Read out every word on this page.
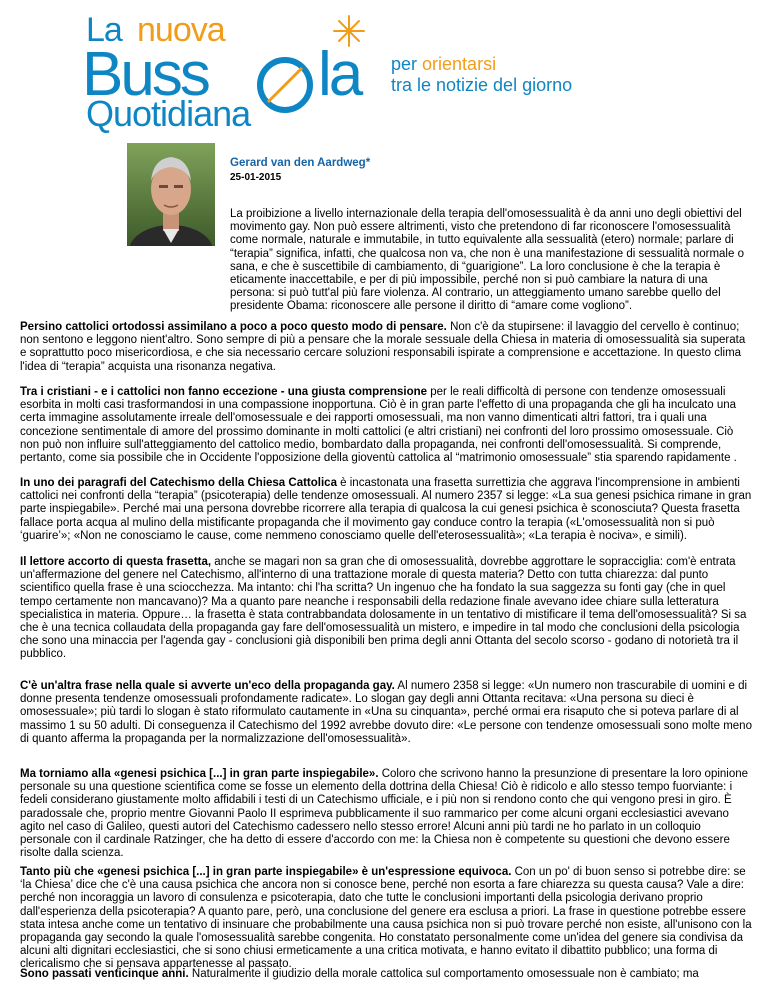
La nuova
Buss la
Quotidiana
per orientarsi
tra le notizie del giorno
Gerard van den Aardweg*
25-01-2015

La proibizione a livello internazionale della terapia dell'omosessualità è da anni uno degli obiettivi del movimento gay. Non può essere altrimenti, visto che pretendono di far riconoscere l'omosessualità come normale, naturale e immutabile, in tutto equivalente alla sessualità (etero) normale; parlare di “terapia” significa, infatti, che qualcosa non va, che non è una manifestazione di sessualità normale o sana, e che è suscettibile di cambiamento, di “guarigione”. La loro conclusione è che la terapia è eticamente inaccettabile, e per di più impossibile, perché non si può cambiare la natura di una persona: si può tutt'al più fare violenza. Al contrario, un atteggiamento umano sarebbe quello del presidente Obama: riconoscere alle persone il diritto di “amare come vogliono”.

Persino cattolici ortodossi assimilano a poco a poco questo modo di pensare. Non c'è da stupirsene: il lavaggio del cervello è continuo; non sentono e leggono nient'altro. Sono sempre di più a pensare che la morale sessuale della Chiesa in materia di omosessualità sia superata e soprattutto poco misericordiosa, e che sia necessario cercare soluzioni responsabili ispirate a comprensione e accettazione. In questo clima l'idea di “terapia” acquista una risonanza negativa.

Tra i cristiani - e i cattolici non fanno eccezione - una giusta comprensione per le reali difficoltà di persone con tendenze omosessuali esorbita in molti casi trasformandosi in una compassione inopportuna. Ciò è in gran parte l'effetto di una propaganda che gli ha inculcato una certa immagine assolutamente irreale dell'omosessuale e dei rapporti omosessuali, ma non vanno dimenticati altri fattori, tra i quali una concezione sentimentale di amore del prossimo dominante in molti cattolici (e altri cristiani) nei confronti del loro prossimo omosessuale. Ciò non può non influire sull'atteggiamento del cattolico medio, bombardato dalla propaganda, nei confronti dell'omosessualità. Si comprende, pertanto, come sia possibile che in Occidente l'opposizione della gioventù cattolica al “matrimonio omosessuale” stia sparendo rapidamente .

In uno dei paragrafi del Catechismo della Chiesa Cattolica è incastonata una frasetta surrettizia che aggrava l'incomprensione in ambienti cattolici nei confronti della “terapia” (psicoterapia) delle tendenze omosessuali. Al numero 2357 si legge: «La sua genesi psichica rimane in gran parte inspiegabile». Perché mai una persona dovrebbe ricorrere alla terapia di qualcosa la cui genesi psichica è sconosciuta? Questa frasetta fallace porta acqua al mulino della mistificante propaganda che il movimento gay conduce contro la terapia («L'omosessualità non si può ‘guarire’»; «Non ne conosciamo le cause, come nemmeno conosciamo quelle dell'eterosessualità»; «La terapia è nociva», e simili).

Il lettore accorto di questa frasetta, anche se magari non sa gran che di omosessualità, dovrebbe aggrottare le sopracciglia: com'è entrata un'affermazione del genere nel Catechismo, all'interno di una trattazione morale di questa materia? Detto con tutta chiarezza: dal punto scientifico quella frase è una sciocchezza. Ma intanto: chi l'ha scritta? Un ingenuo che ha fondato la sua saggezza su fonti gay (che in quel tempo certamente non mancavano)? Ma a quanto pare neanche i responsabili della redazione finale avevano idee chiare sulla letteratura specialistica in materia. Oppure… la frasetta è stata contrabbandata dolosamente in un tentativo di mistificare il tema dell'omosessualità? Si sa che è una tecnica collaudata della propaganda gay fare dell'omosessualità un mistero, e impedire in tal modo che conclusioni della psicologia che sono una minaccia per l'agenda gay - conclusioni già disponibili ben prima degli anni Ottanta del secolo scorso - godano di notorietà tra il pubblico.

C'è un'altra frase nella quale si avverte un'eco della propaganda gay. Al numero 2358 si legge: «Un numero non trascurabile di uomini e di donne presenta tendenze omosessuali profondamente radicate». Lo slogan gay degli anni Ottanta recitava: «Una persona su dieci è omosessuale»; più tardi lo slogan è stato riformulato cautamente in «Una su cinquanta», perché ormai era risaputo che si poteva parlare di al massimo 1 su 50 adulti. Di conseguenza il Catechismo del 1992 avrebbe dovuto dire: «Le persone con tendenze omosessuali sono molte meno di quanto afferma la propaganda per la normalizzazione dell'omosessualità».

Ma torniamo alla «genesi psichica [...] in gran parte inspiegabile». Coloro che scrivono hanno la presunzione di presentare la loro opinione personale su una questione scientifica come se fosse un elemento della dottrina della Chiesa! Ciò è ridicolo e allo stesso tempo fuorviante: i fedeli considerano giustamente molto affidabili i testi di un Catechismo ufficiale, e i più non si rendono conto che qui vengono presi in giro. È paradossale che, proprio mentre Giovanni Paolo II esprimeva pubblicamente il suo rammarico per come alcuni organi ecclesiastici avevano agito nel caso di Galileo, questi autori del Catechismo cadessero nello stesso errore! Alcuni anni più tardi ne ho parlato in un colloquio personale con il cardinale Ratzinger, che ha detto di essere d'accordo con me: la Chiesa non è competente su questioni che devono essere risolte dalla scienza.

Tanto più che «genesi psichica [...] in gran parte inspiegabile» è un'espressione equivoca. Con un po' di buon senso si potrebbe dire: se ‘la Chiesa’ dice che c'è una causa psichica che ancora non si conosce bene, perché non esorta a fare chiarezza su questa causa? Vale a dire: perché non incoraggia un lavoro di consulenza e psicoterapia, dato che tutte le conclusioni importanti della psicologia derivano proprio dall'esperienza della psicoterapia? A quanto pare, però, una conclusione del genere era esclusa a priori. La frase in questione potrebbe essere stata intesa anche come un tentativo di insinuare che probabilmente una causa psichica non si può trovare perché non esiste, all'unisono con la propaganda gay secondo la quale l'omosessualità sarebbe congenita. Ho constatato personalmente come un'idea del genere sia condivisa da alcuni alti dignitari ecclesiastici, che si sono chiusi ermeticamente a una critica motivata, e hanno evitato il dibattito pubblico; una forma di clericalismo che si pensava appartenesse al passato.

Sono passati venticinque anni. Naturalmente il giudizio della morale cattolica sul comportamento omosessuale non è cambiato; ma
